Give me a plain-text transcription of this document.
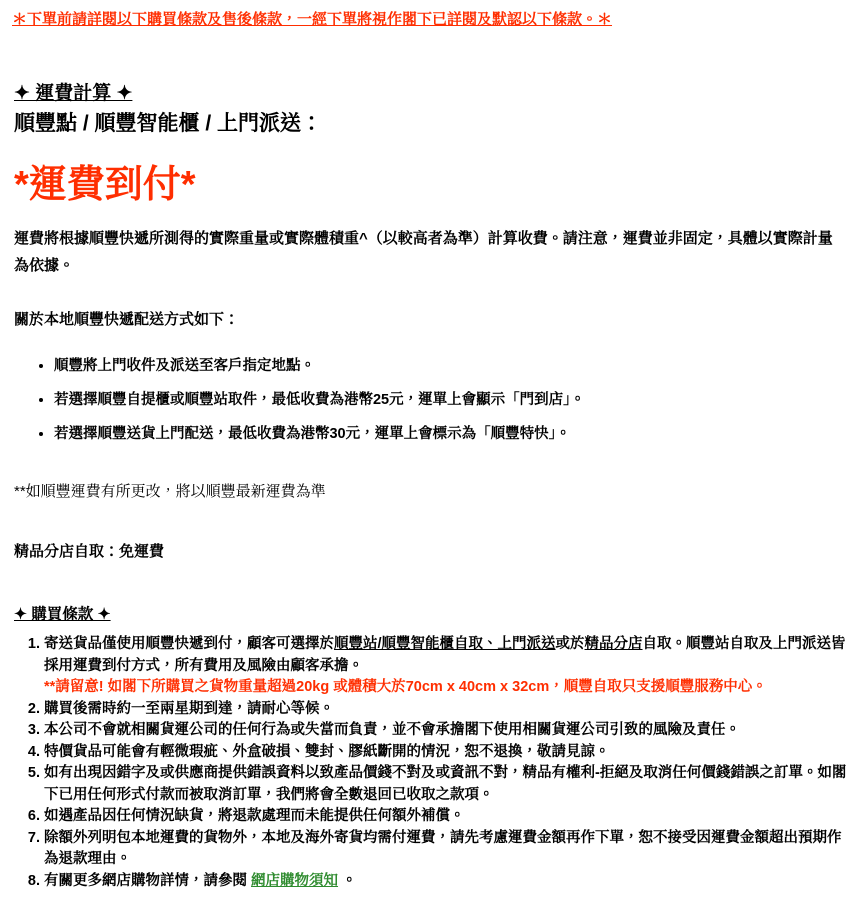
＊下單前請詳閱以下購買條款及售後條款，一經下單將視作閣下已詳閱及默認以下條款。＊

✦ 運費計算 ✦
順豐點 / 順豐智能櫃 / 上門派送：
*運費到付*

運費將根據順豐快遞所測得的實際重量或實際體積重^（以較高者為準）計算收費。請注意，運費並非固定，具體以實際計量為依據。

關於本地順豐快遞配送方式如下：
• 順豐將上門收件及派送至客戶指定地點。
• 若選擇順豐自提櫃或順豐站取件，最低收費為港幣25元，運單上會顯示「門到店」。
• 若選擇順豐送貨上門配送，最低收費為港幣30元，運單上會標示為「順豐特快」。

**如順豐運費有所更改，將以順豐最新運費為準

精品分店自取：免運費
✦ 購買條款 ✦
1. 寄送貨品僅使用順豐快遞到付，顧客可選擇於順豐站/順豐智能櫃自取、上門派送或於精品分店自取。順豐站自取及上門派送皆採用運費到付方式，所有費用及風險由顧客承擔。
**請留意! 如閣下所購買之貨物重量超過20kg 或體積大於70cm x 40cm x 32cm，順豐自取只支援順豐服務中心。
2. 購買後需時約一至兩星期到達，請耐心等候。
3. 本公司不會就相關貨運公司的任何行為或失當而負責，並不會承擔閣下使用相關貨運公司引致的風險及責任。
4. 特價貨品可能會有輕微瑕疵、外盒破損、雙封、膠紙斷開的情況，恕不退換，敬請見諒。
5. 如有出現因錯字及或供應商提供錯誤資料以致產品價錢不對及或資訊不對，精品有權利-拒絕及取消任何價錢錯誤之訂單。如閣下已用任何形式付款而被取消訂單，我們將會全數退回已收取之款項。
6. 如遇產品因任何情況缺貨，將退款處理而未能提供任何額外補償。
7. 除額外列明包本地運費的貨物外，本地及海外寄貨均需付運費，請先考慮運費金額再作下單，恕不接受因運費金額超出預期作為退款理由。
8. 有關更多網店購物詳情，請參閱 網店購物須知 。
